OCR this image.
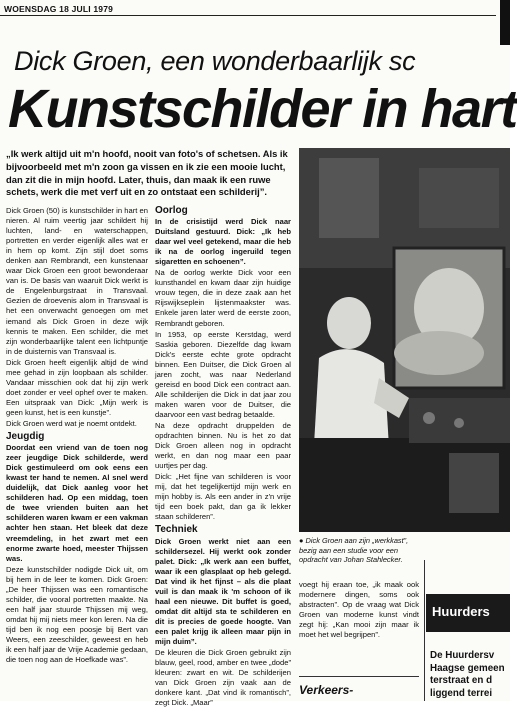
WOENSDAG 18 JULI 1979
Dick Groen, een wonderbaarlijk sc
Kunstschilder in hart
„Ik werk altijd uit m'n hoofd, nooit van foto's of schetsen. Als ik bijvoorbeeld met m'n zoon ga vissen en ik zie een mooie lucht, dan zit die in mijn hoofd. Later, thuis, dan maak ik een ruwe schets, werk die met verf uit en zo ontstaat een schilderij”.

Dick Groen (50) is kunstschilder in hart en nieren. Al ruim veertig jaar schildert hij luchten, land- en waterschappen, portretten en verder eigenlijk alles wat er in hem op komt. Zijn stijl doet soms denken aan Rembrandt, een kunstenaar waar Dick Groen een groot bewonderaar van is. De basis van waaruit Dick werkt is de Engelenburgstraat in Transvaal. Gezien de droevenis alom in Transvaal is het een onverwacht genoegen om met iemand als Dick Groen in deze wijk kennis te maken. Een schilder, die met zijn wonderbaarlijke talent een lichtpuntje in de duisternis van Transvaal is.

Dick Groen heeft eigenlijk altijd de wind mee gehad in zijn loopbaan als schilder. Vandaar misschien ook dat hij zijn werk doet zonder er veel ophef over te maken. Een uitspraak van Dick: „Mijn werk is geen kunst, het is een kunstje”.

Dick Groen werd wat je noemt ontdekt.

Jeugdig

Doordat een vriend van de toen nog zeer jeugdige Dick schilderde, werd Dick gestimuleerd om ook eens een kwast ter hand te nemen. Al snel werd duidelijk, dat Dick aanleg voor het schilderen had. Op een middag, toen de twee vrienden buiten aan het schilderen waren kwam er een vakman achter hen staan. Het bleek dat deze vreemdeling, in het zwart met een enorme zwarte hoed, meester Thijssen was.

Deze kunstschilder nodigde Dick uit, om bij hem in de leer te komen. Dick Groen: „De heer Thijssen was een romantische schilder, die vooral portretten maakte. Na een half jaar stuurde Thijssen mij weg, omdat hij mij niets meer kon leren. Na die tijd ben ik nog een poosje bij Bert van Weers, een zeeschilder, geweest en heb ik een half jaar de Vrije Academie gedaan, die toen nog aan de Hoefkade was”.

Oorlog

In de crisistijd werd Dick naar Duitsland gestuurd. Dick: „Ik heb daar wel veel getekend, maar die heb ik na de oorlog ingeruild tegen sigaretten en schoenen”.

Na de oorlog werkte Dick voor een kunsthandel en kwam daar zijn huidige vrouw tegen, die in deze zaak aan het Rijswijkseplein lijstenmaakster was. Enkele jaren later werd de eerste zoon, Rembrandt geboren.

In 1953, op eerste Kerstdag, werd Saskia geboren. Diezelfde dag kwam Dick's eerste echte grote opdracht binnen. Een Duitser, die Dick Groen al jaren zocht, was naar Nederland gereisd en bood Dick een contract aan. Alle schilderijen die Dick in dat jaar zou maken waren voor de Duitser, die daarvoor een vast bedrag betaalde.

Na deze opdracht druppelden de opdrachten binnen. Nu is het zo dat Dick Groen alleen nog in opdracht werkt, en dan nog maar een paar uurtjes per dag.

Dick: „Het fijne van schilderen is voor mij, dat het tegelijkertijd mijn werk en mijn hobby is. Als een ander in z'n vrije tijd een boek pakt, dan ga ik lekker staan schilderen”.

Techniek

Dick Groen werkt niet aan een schildersezel. Hij werkt ook zonder palet. Dick: „Ik werk aan een buffet, waar ik een glasplaat op heb gelegd. Dat vind ik het fijnst – als die plaat vuil is dan maak ik 'm schoon of ik haal een nieuwe. Dit buffet is goed, omdat dit altijd sta te schilderen en dit is precies de goede hoogte. Van een palet krijg ik alleen maar pijn in mijn duim”.

De kleuren die Dick Groen gebruikt zijn blauw, geel, rood, amber en twee „dode” kleuren: zwart en wit. De schilderijen van Dick Groen zijn vaak aan de donkere kant. „Dat vind ik romantisch”, zegt Dick. „Maar”

● Dick Groen aan zijn „werkkast”, bezig aan een studie voor een opdracht van Johan Stahlecker.
voegt hij eraan toe, „ik maak ook modernere dingen, soms ook abstracten”. Op de vraag wat Dick Groen van moderne kunst vindt zegt hij: „Kan mooi zijn maar ik moet het wel begrijpen”.
Verkeers-
Huurders
De Huurdersv
Haagse gemeen
terstraat en d
liggend terrei
